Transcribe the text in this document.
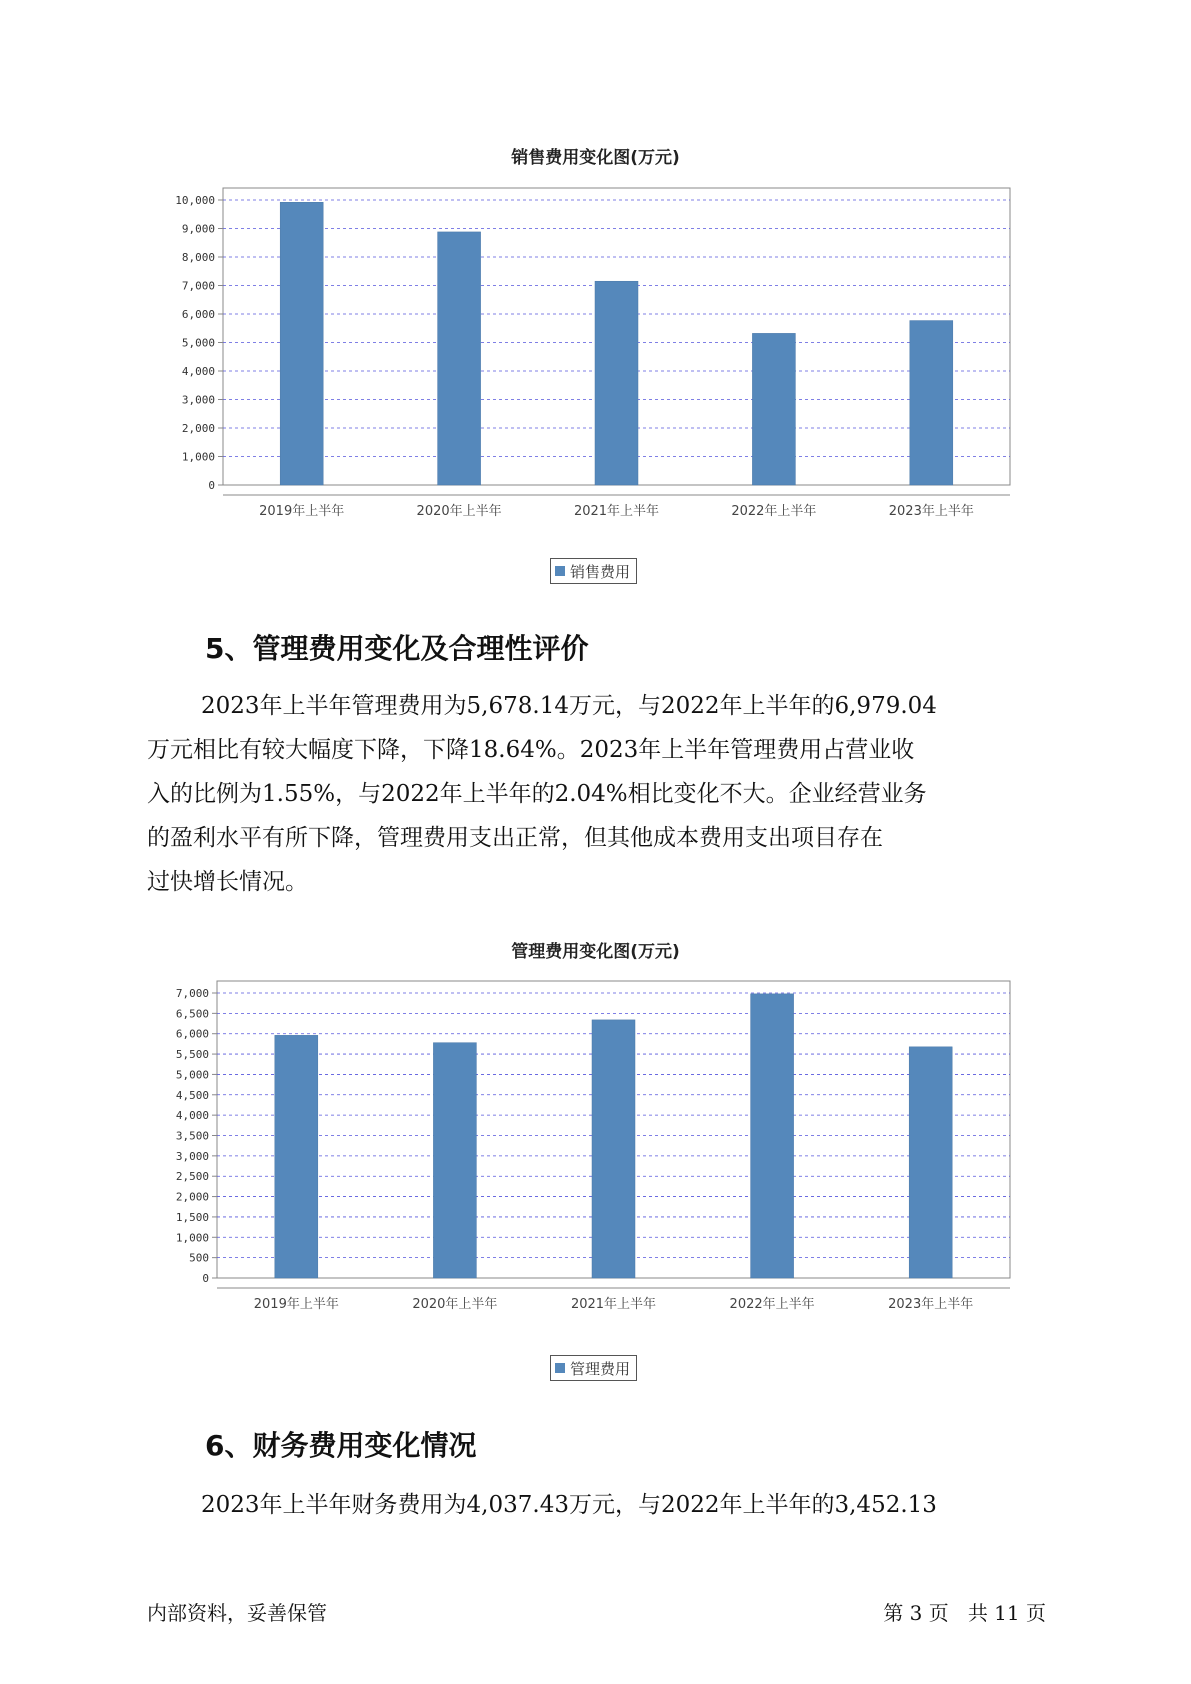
销售费用变化图(万元)
0
1,000
2,000
3,000
4,000
5,000
6,000
7,000
8,000
9,000
10,000
2019年上半年	2020年上半年	2021年上半年	2022年上半年	2023年上半年
销售费用
5、管理费用变化及合理性评价

2023年上半年管理费用为5,678.14万元，与2022年上半年的6,979.04
万元相比有较大幅度下降，下降18.64%。2023年上半年管理费用占营业收
入的比例为1.55%，与2022年上半年的2.04%相比变化不大。企业经营业务
的盈利水平有所下降，管理费用支出正常，但其他成本费用支出项目存在
过快增长情况。

管理费用变化图(万元)
0
500
1,000
1,500
2,000
2,500
3,000
3,500
4,000
4,500
5,000
5,500
6,000
6,500
7,000
2019年上半年	2020年上半年	2021年上半年	2022年上半年	2023年上半年
管理费用
6、财务费用变化情况

2023年上半年财务费用为4,037.43万元，与2022年上半年的3,452.13

内部资料，妥善保管	第 3 页   共 11 页
